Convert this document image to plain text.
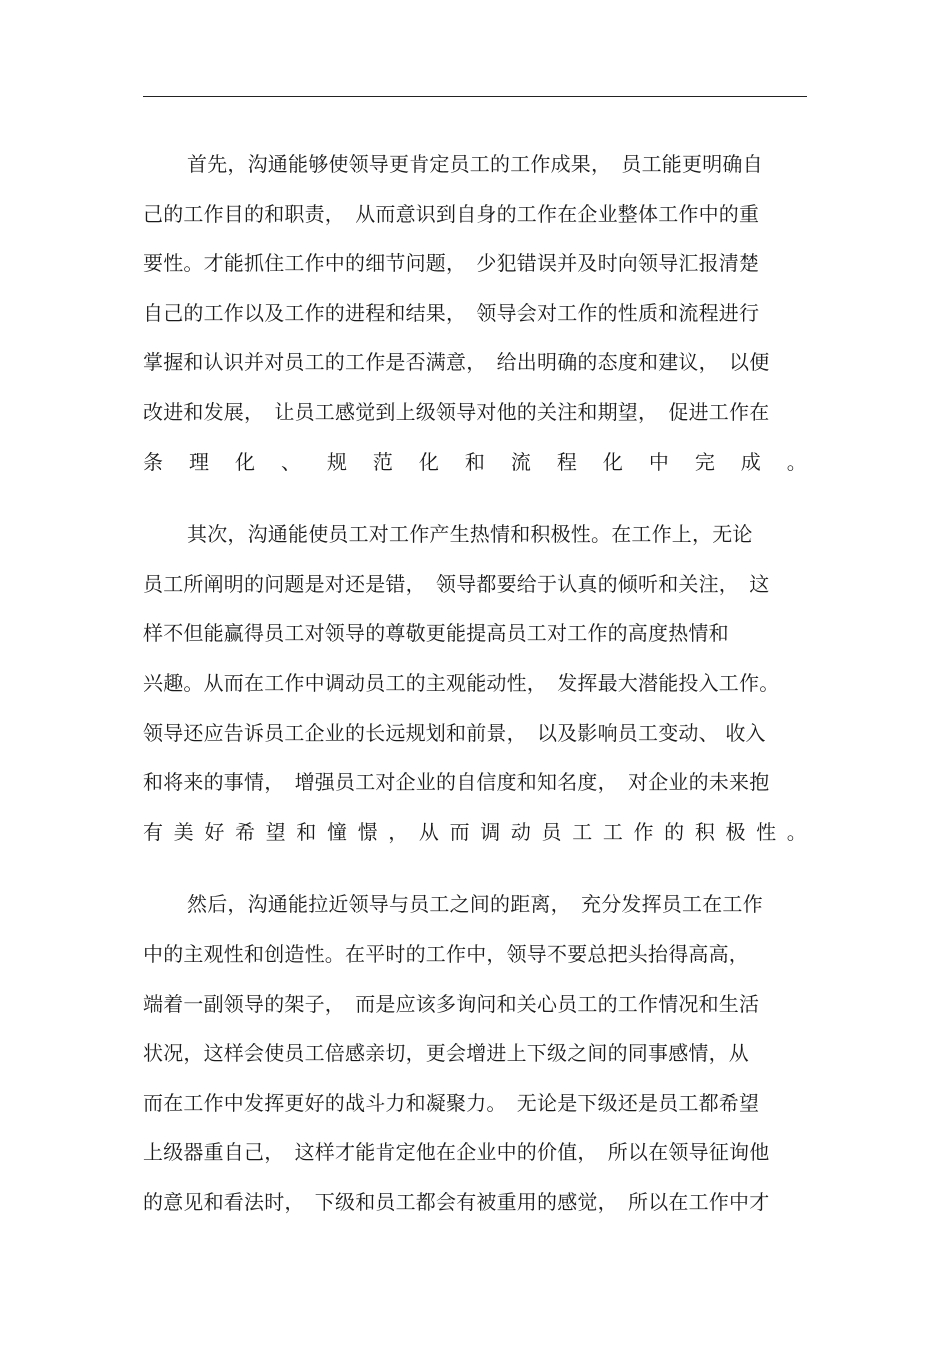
首先，沟通能够使领导更肯定员工的工作成果，　员工能更明确自
己的工作目的和职责，　从而意识到自身的工作在企业整体工作中的重
要性。才能抓住工作中的细节问题，　少犯错误并及时向领导汇报清楚
自己的工作以及工作的进程和结果，　领导会对工作的性质和流程进行
掌握和认识并对员工的工作是否满意，　给出明确的态度和建议，　以便
改进和发展，　让员工感觉到上级领导对他的关注和期望，　促进工作在
条 理 化 、 规 范 化 和 流 程 化 中 完 成 。
其次，沟通能使员工对工作产生热情和积极性。在工作上，无论
员工所阐明的问题是对还是错，　领导都要给于认真的倾听和关注，　这
样不但能赢得员工对领导的尊敬更能提高员工对工作的高度热情和
兴趣。从而在工作中调动员工的主观能动性，　发挥最大潜能投入工作。
领导还应告诉员工企业的长远规划和前景，　以及影响员工变动、 收入
和将来的事情，　增强员工对企业的自信度和知名度，　对企业的未来抱
有 美 好 希 望 和 憧 憬 ， 从 而 调 动 员 工 工 作 的 积 极 性 。
然后，沟通能拉近领导与员工之间的距离，　充分发挥员工在工作
中的主观性和创造性。在平时的工作中，领导不要总把头抬得高高，
端着一副领导的架子，　而是应该多询问和关心员工的工作情况和生活
状况，这样会使员工倍感亲切，更会增进上下级之间的同事感情，从
而在工作中发挥更好的战斗力和凝聚力。　无论是下级还是员工都希望
上级器重自己，　这样才能肯定他在企业中的价值，　所以在领导征询他
的意见和看法时，　下级和员工都会有被重用的感觉，　所以在工作中才
